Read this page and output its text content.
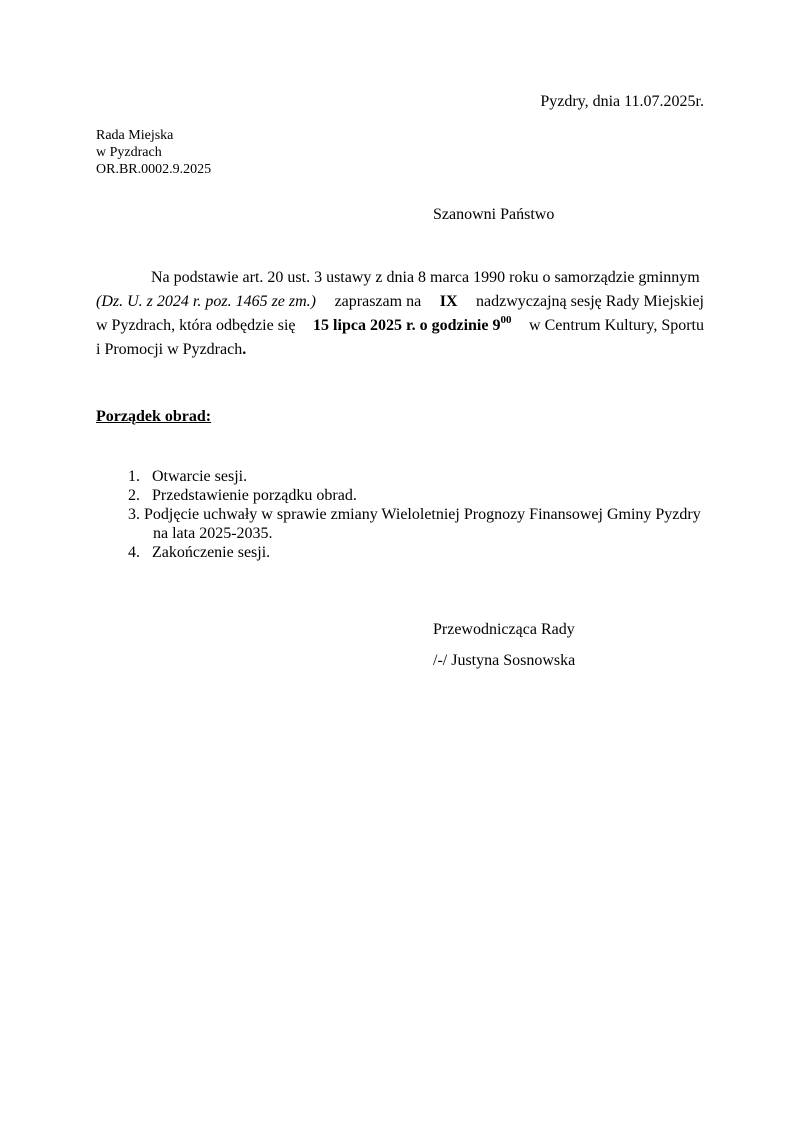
Pyzdry, dnia 11.07.2025r.
Rada Miejska
w Pyzdrach
OR.BR.0002.9.2025
Szanowni Państwo
Na podstawie art. 20 ust. 3 ustawy z dnia 8 marca 1990 roku o samorządzie gminnym
(Dz. U. z 2024 r. poz. 1465 ze zm.) zapraszam na IX nadzwyczajną sesję Rady Miejskiej
w Pyzdrach, która odbędzie się 15 lipca 2025 r. o godzinie $9^{00}$ w Centrum Kultury, Sportu
i Promocji w Pyzdrach .
Porządek obrad:
1. Otwarcie sesji.
2. Przedstawienie porządku obrad.
3. Podjęcie uchwały w sprawie zmiany Wieloletniej Prognozy Finansowej Gminy Pyzdry
na lata 2025-2035.
4. Zakończenie sesji.
Przewodnicząca Rady
/-/ Justyna Sosnowska
